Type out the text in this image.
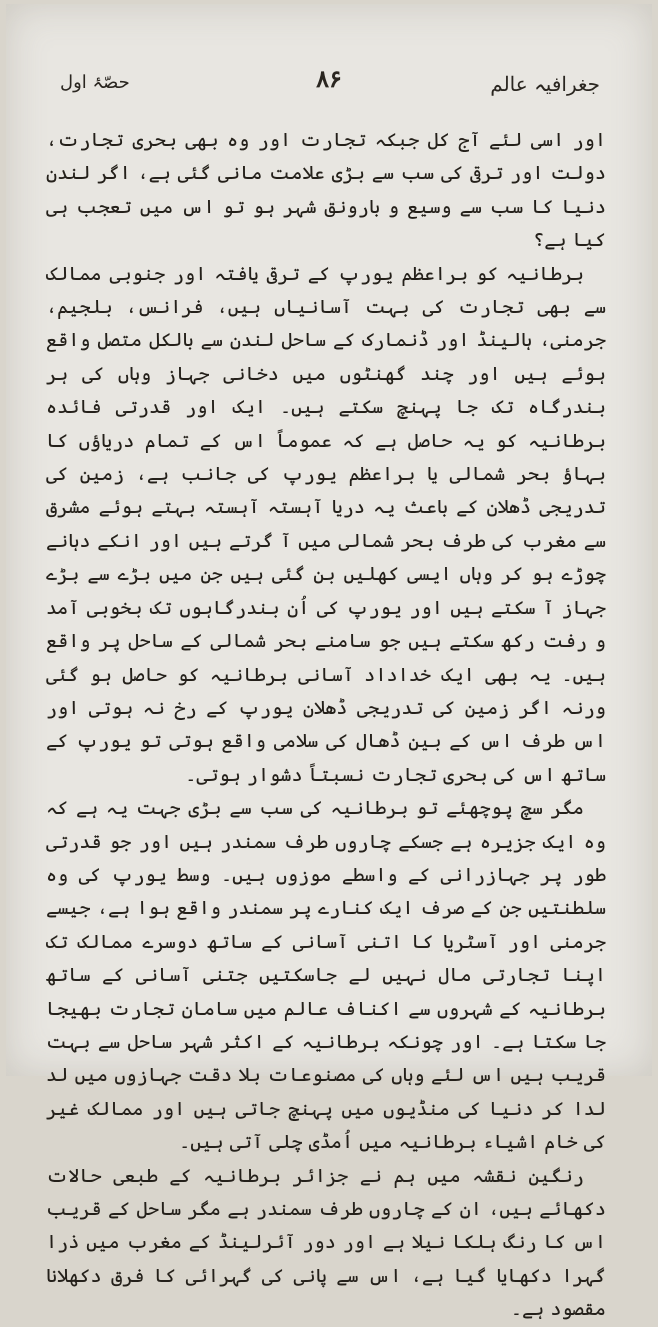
جغرافیہ عالم
۸۶
حصّۂ اول

اور اسی لئے آج کل جبکہ تجارت اور وہ بھی بحری تجارت، دولت اور ترقی کی سب سے بڑی علامت مانی گئی ہے، اگر لندن دنیا کا سب سے وسیع و بارونق شہر ہو تو اس میں تعجب ہی کیا ہے؟

برطانیہ کو براعظم یورپ کے ترقی یافتہ اور جنوبی ممالک سے بھی تجارت کی بہت آسانیاں ہیں، فرانس، بلجیم، جرمنی، ہالینڈ اور ڈنمارک کے ساحل لندن سے بالکل متصل واقع ہوئے ہیں اور چند گھنٹوں میں دخانی جہاز وہاں کی ہر بندرگاہ تک جا پہنچ سکتے ہیں۔ ایک اور قدرتی فائدہ برطانیہ کو یہ حاصل ہے کہ عموماً اس کے تمام دریاؤں کا بہاؤ بحر شمالی یا براعظم یورپ کی جانب ہے، زمین کی تدریجی ڈھلان کے باعث یہ دریا آہستہ آہستہ بہتے ہوئے مشرق سے مغرب کی طرف بحر شمالی میں آ گرتے ہیں اور انکے دہانے چوڑے ہو کر وہاں ایسی کھلیں بن گئی ہیں جن میں بڑے سے بڑے جہاز آ سکتے ہیں اور یورپ کی اُن بندرگاہوں تک بخوبی آمد و رفت رکھ سکتے ہیں جو سامنے بحر شمالی کے ساحل پر واقع ہیں۔ یہ بھی ایک خداداد آسانی برطانیہ کو حاصل ہو گئی ورنہ اگر زمین کی تدریجی ڈھلان یورپ کے رخ نہ ہوتی اور اس طرف اس کے بین ڈھال کی سلامی واقع ہوتی تو یورپ کے ساتھ اس کی بحری تجارت نسبتاً دشوار ہوتی۔

مگر سچ پوچھئے تو برطانیہ کی سب سے بڑی جہت یہ ہے کہ وہ ایک جزیرہ ہے جسکے چاروں طرف سمندر ہیں اور جو قدرتی طور پر جہازرانی کے واسطے موزوں ہیں۔ وسط یورپ کی وہ سلطنتیں جن کے صرف ایک کنارے پر سمندر واقع ہوا ہے، جیسے جرمنی اور آسٹریا کا اتنی آسانی کے ساتھ دوسرے ممالک تک اپنا تجارتی مال نہیں لے جاسکتیں جتنی آسانی کے ساتھ برطانیہ کے شہروں سے اکناف عالم میں سامان تجارت بھیجا جا سکتا ہے۔ اور چونکہ برطانیہ کے اکثر شہر ساحل سے بہت قریب ہیں اس لئے وہاں کی مصنوعات بلا دقت جہازوں میں لد لدا کر دنیا کی منڈیوں میں پہنچ جاتی ہیں اور ممالک غیر کی خام اشیاء برطانیہ میں اُمڈی چلی آتی ہیں۔

رنگین نقشہ میں ہم نے جزائر برطانیہ کے طبعی حالات دکھائے ہیں، ان کے چاروں طرف سمندر ہے مگر ساحل کے قریب اس کا رنگ ہلکا نیلا ہے اور دور آئرلینڈ کے مغرب میں ذرا گہرا دکھایا گیا ہے، اس سے پانی کی گہرائی کا فرق دکھلانا مقصود ہے۔
